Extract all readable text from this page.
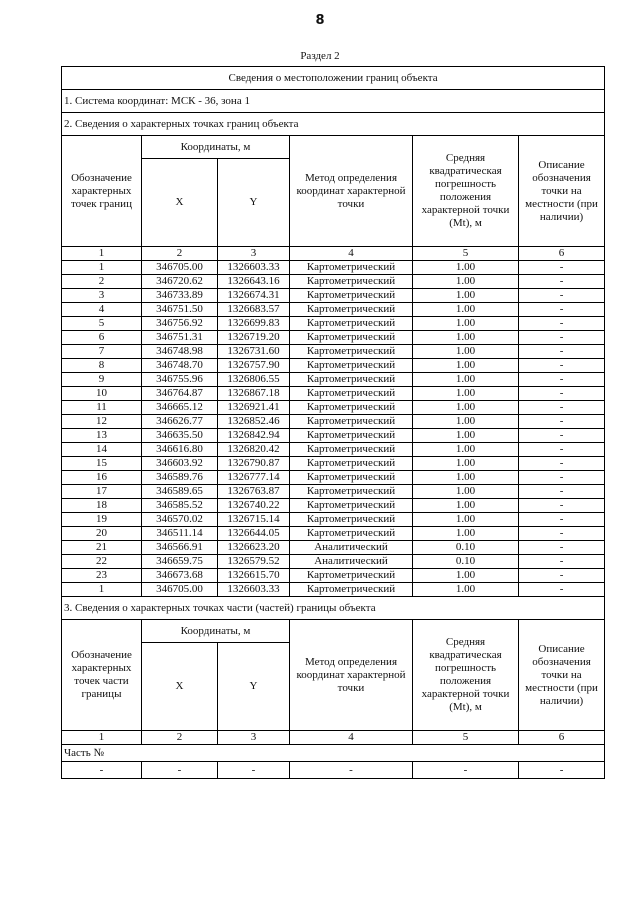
8
Раздел 2
Сведения о местоположении границ объекта					
1. Система координат: МСК - 36, зона 1					
2. Сведения о характерных точках границ объекта					
Обозначение характерных точек границ	Координаты, м		Метод определения координат характерной точки	Средняя квадратическая погрешность положения характерной точки (Mt), м	Описание обозначения точки на местности (при наличии)
	X	Y			
1	2	3	4	5	6
1	346705.00	1326603.33	Картометрический	1.00	-
2	346720.62	1326643.16	Картометрический	1.00	-
3	346733.89	1326674.31	Картометрический	1.00	-
4	346751.50	1326683.57	Картометрический	1.00	-
5	346756.92	1326699.83	Картометрический	1.00	-
6	346751.31	1326719.20	Картометрический	1.00	-
7	346748.98	1326731.60	Картометрический	1.00	-
8	346748.70	1326757.90	Картометрический	1.00	-
9	346755.96	1326806.55	Картометрический	1.00	-
10	346764.87	1326867.18	Картометрический	1.00	-
11	346665.12	1326921.41	Картометрический	1.00	-
12	346626.77	1326852.46	Картометрический	1.00	-
13	346635.50	1326842.94	Картометрический	1.00	-
14	346616.80	1326820.42	Картометрический	1.00	-
15	346603.92	1326790.87	Картометрический	1.00	-
16	346589.76	1326777.14	Картометрический	1.00	-
17	346589.65	1326763.87	Картометрический	1.00	-
18	346585.52	1326740.22	Картометрический	1.00	-
19	346570.02	1326715.14	Картометрический	1.00	-
20	346511.14	1326644.05	Картометрический	1.00	-
21	346566.91	1326623.20	Аналитический	0.10	-
22	346659.75	1326579.52	Аналитический	0.10	-
23	346673.68	1326615.70	Картометрический	1.00	-
1	346705.00	1326603.33	Картометрический	1.00	-
3. Сведения о характерных точках части (частей) границы объекта					
Обозначение характерных точек части границы	Координаты, м		Метод определения координат характерной точки	Средняя квадратическая погрешность положения характерной точки (Mt), м	Описание обозначения точки на местности (при наличии)
	X	Y			
1	2	3	4	5	6
Часть №					
-	-	-	-	-	-
